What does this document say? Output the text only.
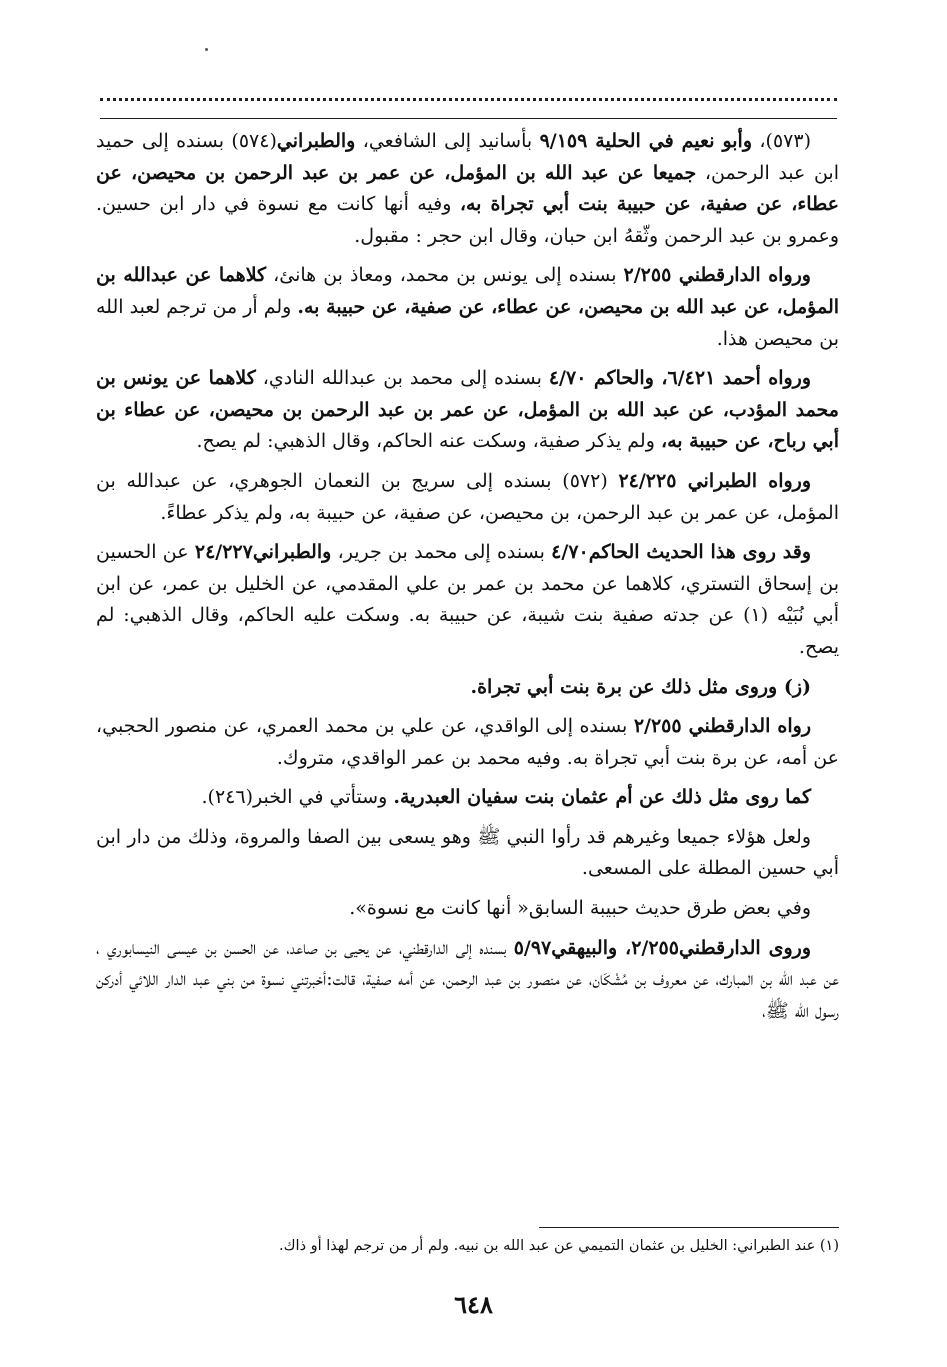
(٥٧٣)، وأبو نعيم في الحلية ٩/١٥٩ بأسانيد إلى الشافعي، والطبراني(٥٧٤) بسنده إلى حميد ابن عبد الرحمن، جميعا عن عبد الله بن المؤمل، عن عمر بن عبد الرحمن بن محيصن، عن عطاء، عن صفية، عن حبيبة بنت أبي تجراة به، وفيه أنها كانت مع نسوة في دار ابن حسين. وعمرو بن عبد الرحمن وثّقهُ ابن حبان، وقال ابن حجر : مقبول.

ورواه الدارقطني ٢/٢٥٥ بسنده إلى يونس بن محمد، ومعاذ بن هانئ، كلاهما عن عبدالله بن المؤمل، عن عبد الله بن محيصن، عن عطاء، عن صفية، عن حبيبة به. ولم أر من ترجم لعبد الله بن محيصن هذا.

ورواه أحمد ٦/٤٢١، والحاكم ٤/٧٠ بسنده إلى محمد بن عبدالله النادي، كلاهما عن يونس بن محمد المؤدب، عن عبد الله بن المؤمل، عن عمر بن عبد الرحمن بن محيصن، عن عطاء بن أبي رباح، عن حبيبة به، ولم يذكر صفية، وسكت عنه الحاكم، وقال الذهبي: لم يصح.

ورواه الطبراني ٢٤/٢٢٥ (٥٧٢) بسنده إلى سريج بن النعمان الجوهري، عن عبدالله بن المؤمل، عن عمر بن عبد الرحمن، بن محيصن، عن صفية، عن حبيبة به، ولم يذكر عطاءً.

وقد روى هذا الحديث الحاكم٤/٧٠ بسنده إلى محمد بن جرير، والطبراني٢٤/٢٢٧ عن الحسين بن إسحاق التستري، كلاهما عن محمد بن عمر بن علي المقدمي، عن الخليل بن عمر، عن ابن أبي نُبَيْه (١) عن جدته صفية بنت شيبة، عن حبيبة به. وسكت عليه الحاكم، وقال الذهبي: لم يصح.

(ز) وروى مثل ذلك عن برة بنت أبي تجراة.

رواه الدارقطني ٢/٢٥٥ بسنده إلى الواقدي، عن علي بن محمد العمري، عن منصور الحجبي، عن أمه، عن برة بنت أبي تجراة به. وفيه محمد بن عمر الواقدي، متروك.

كما روى مثل ذلك عن أم عثمان بنت سفيان العبدرية. وستأتي في الخبر(٢٤٦).

ولعل هؤلاء جميعا وغيرهم قد رأوا النبي ﷺ وهو يسعى بين الصفا والمروة، وذلك من دار ابن أبي حسين المطلة على المسعى.

وفي بعض طرق حديث حبيبة السابق« أنها كانت مع نسوة».

وروى الدارقطني٢/٢٥٥، والبيهقي٥/٩٧ بسنده إلى الدارقطني، عن يحيى بن صاعد، عن الحسن بن عيسى النيسابوري ، عن عبد الله بن المبارك، عن معروف بن مُشْكَان، عن منصور بن عبد الرحمن، عن أمه صفية، قالت:أخبرتني نسوة من بني عبد الدار اللائي أدركن رسول الله ﷺ،

(١) عند الطبراني: الخليل بن عثمان التميمي عن عبد الله بن نبيه. ولم أر من ترجم لهذا أو ذاك.
٦٤٨
